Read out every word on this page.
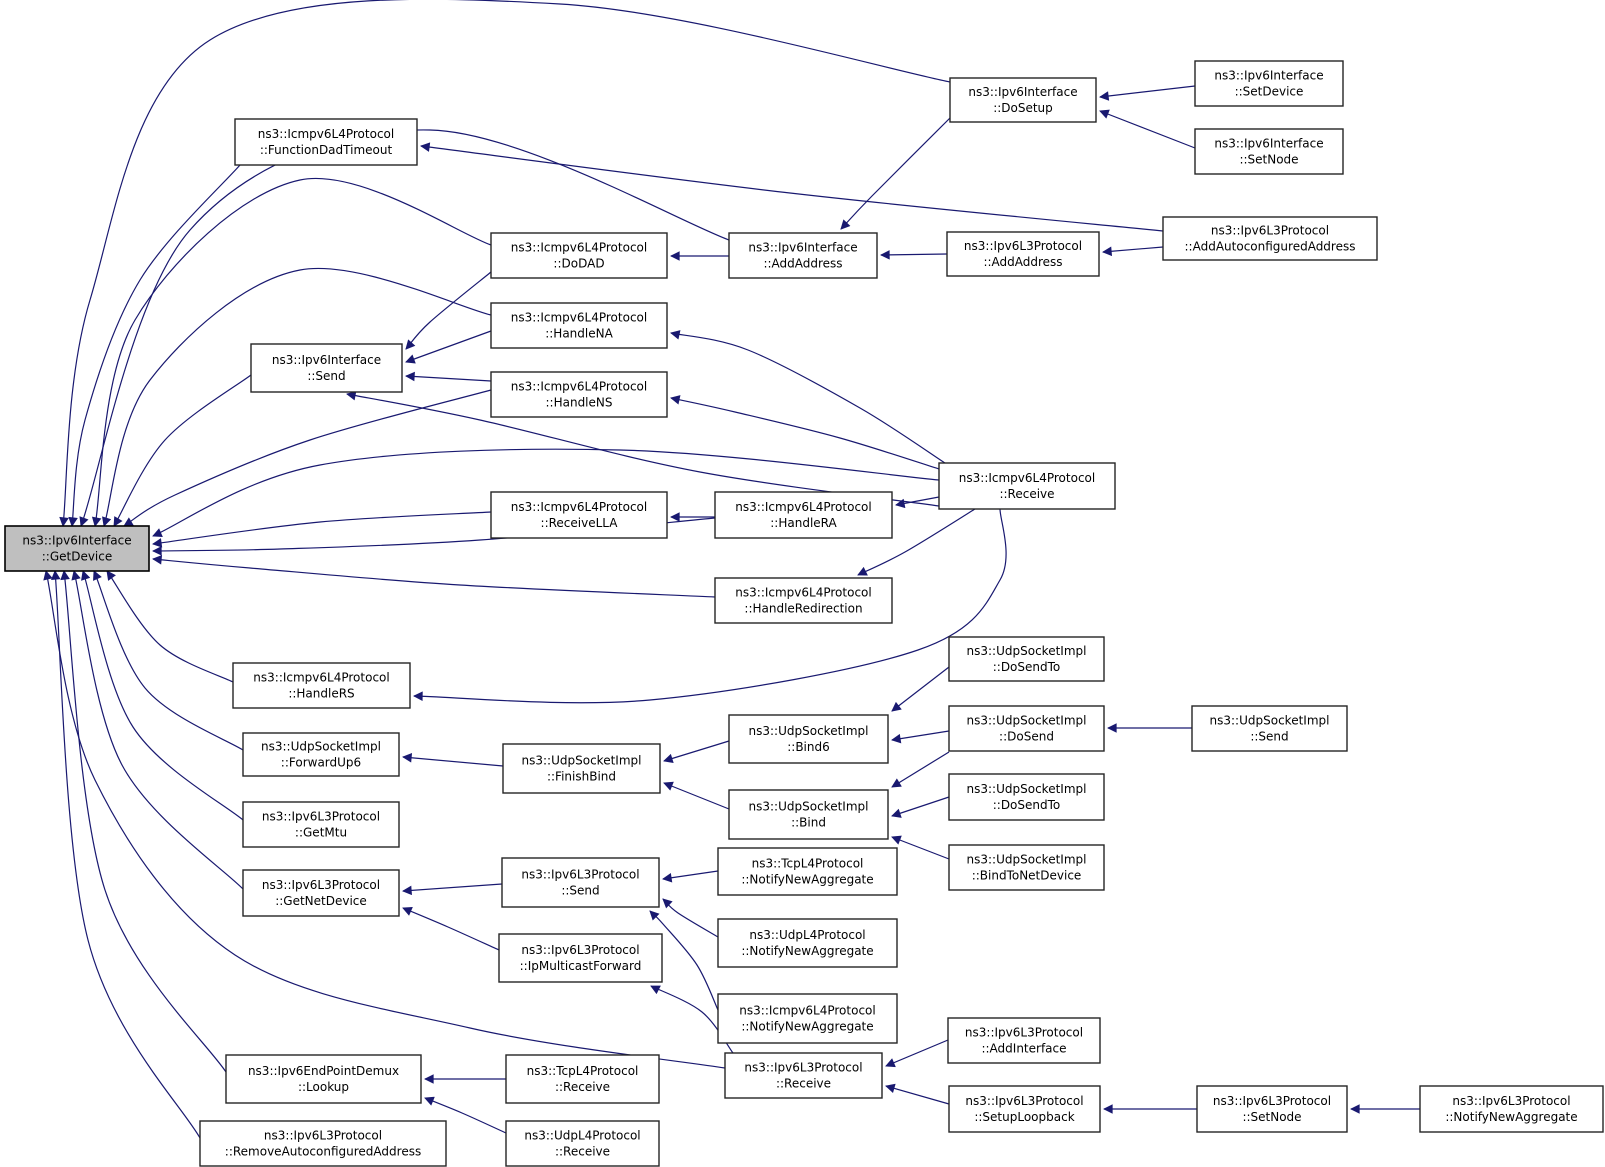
ns3::Ipv6Interface
::GetDevice
ns3::Icmpv6L4Protocol
::FunctionDadTimeout
ns3::Ipv6Interface
::Send
ns3::Icmpv6L4Protocol
::HandleRS
ns3::UdpSocketImpl
::ForwardUp6
ns3::Ipv6L3Protocol
::GetMtu
ns3::Ipv6L3Protocol
::GetNetDevice
ns3::Ipv6EndPointDemux
::Lookup
ns3::Ipv6L3Protocol
::RemoveAutoconfiguredAddress
ns3::Icmpv6L4Protocol
::DoDAD
ns3::Icmpv6L4Protocol
::HandleNA
ns3::Icmpv6L4Protocol
::HandleNS
ns3::Icmpv6L4Protocol
::ReceiveLLA
ns3::UdpSocketImpl
::FinishBind
ns3::Ipv6L3Protocol
::Send
ns3::Ipv6L3Protocol
::IpMulticastForward
ns3::TcpL4Protocol
::Receive
ns3::UdpL4Protocol
::Receive
ns3::Ipv6Interface
::AddAddress
ns3::Icmpv6L4Protocol
::HandleRA
ns3::Icmpv6L4Protocol
::HandleRedirection
ns3::UdpSocketImpl
::Bind6
ns3::UdpSocketImpl
::Bind
ns3::TcpL4Protocol
::NotifyNewAggregate
ns3::UdpL4Protocol
::NotifyNewAggregate
ns3::Icmpv6L4Protocol
::NotifyNewAggregate
ns3::Ipv6L3Protocol
::Receive
ns3::Ipv6Interface
::DoSetup
ns3::Ipv6L3Protocol
::AddAddress
ns3::Icmpv6L4Protocol
::Receive
ns3::UdpSocketImpl
::DoSendTo
ns3::UdpSocketImpl
::DoSend
ns3::UdpSocketImpl
::DoSendTo
ns3::UdpSocketImpl
::BindToNetDevice
ns3::Ipv6L3Protocol
::AddInterface
ns3::Ipv6L3Protocol
::SetupLoopback
ns3::Ipv6Interface
::SetDevice
ns3::Ipv6Interface
::SetNode
ns3::Ipv6L3Protocol
::AddAutoconfiguredAddress
ns3::UdpSocketImpl
::Send
ns3::Ipv6L3Protocol
::SetNode
ns3::Ipv6L3Protocol
::NotifyNewAggregate
